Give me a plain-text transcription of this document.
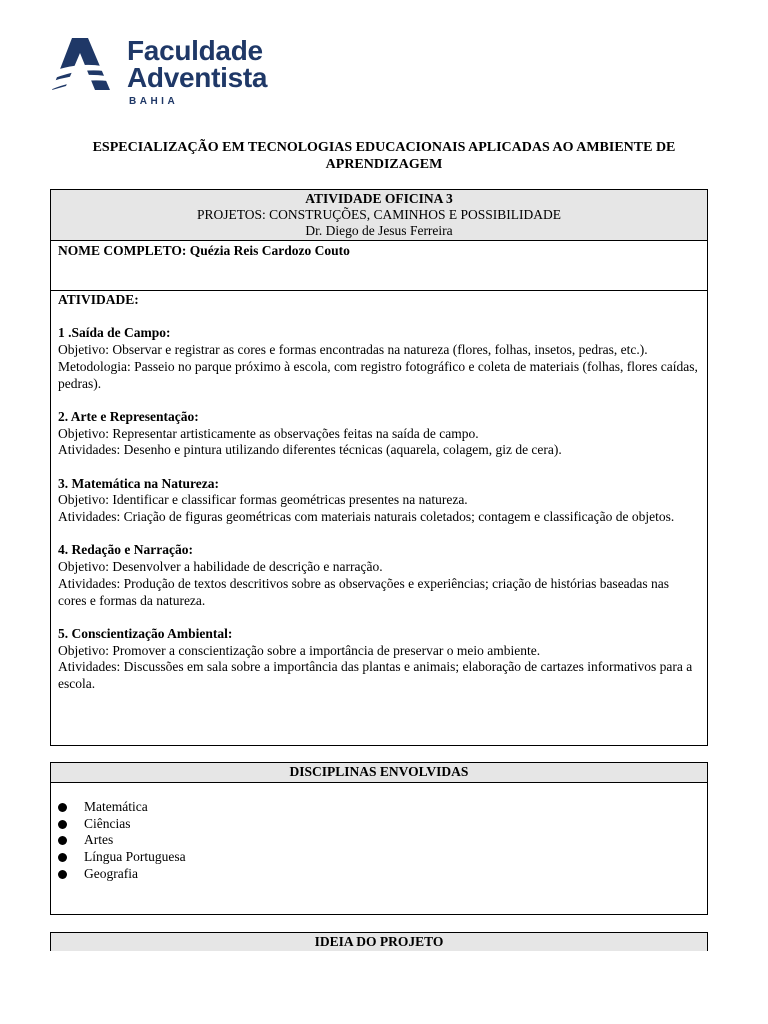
Faculdade
Adventista
BAHIA
ESPECIALIZAÇÃO EM TECNOLOGIAS EDUCACIONAIS APLICADAS AO AMBIENTE DE
APRENDIZAGEM
ATIVIDADE OFICINA 3
PROJETOS: CONSTRUÇÕES, CAMINHOS E POSSIBILIDADE
Dr. Diego de Jesus Ferreira
NOME COMPLETO: Quézia Reis Cardozo Couto
ATIVIDADE:
1 .Saída de Campo:

Objetivo: Observar e registrar as cores e formas encontradas na natureza (flores, folhas, insetos, pedras, etc.).

Metodologia: Passeio no parque próximo à escola, com registro fotográfico e coleta de materiais (folhas, flores caídas, pedras).

2. Arte e Representação:

Objetivo: Representar artisticamente as observações feitas na saída de campo.

Atividades: Desenho e pintura utilizando diferentes técnicas (aquarela, colagem, giz de cera).

3. Matemática na Natureza:

Objetivo: Identificar e classificar formas geométricas presentes na natureza.

Atividades: Criação de figuras geométricas com materiais naturais coletados; contagem e classificação de objetos.

4. Redação e Narração:

Objetivo: Desenvolver a habilidade de descrição e narração.

Atividades: Produção de textos descritivos sobre as observações e experiências; criação de histórias baseadas nas cores e formas da natureza.

5. Conscientização Ambiental:

Objetivo: Promover a conscientização sobre a importância de preservar o meio ambiente.

Atividades: Discussões em sala sobre a importância das plantas e animais; elaboração de cartazes informativos para a escola.

DISCIPLINAS ENVOLVIDAS
Matemática
Ciências
Artes
Língua Portuguesa
Geografia
IDEIA DO PROJETO
